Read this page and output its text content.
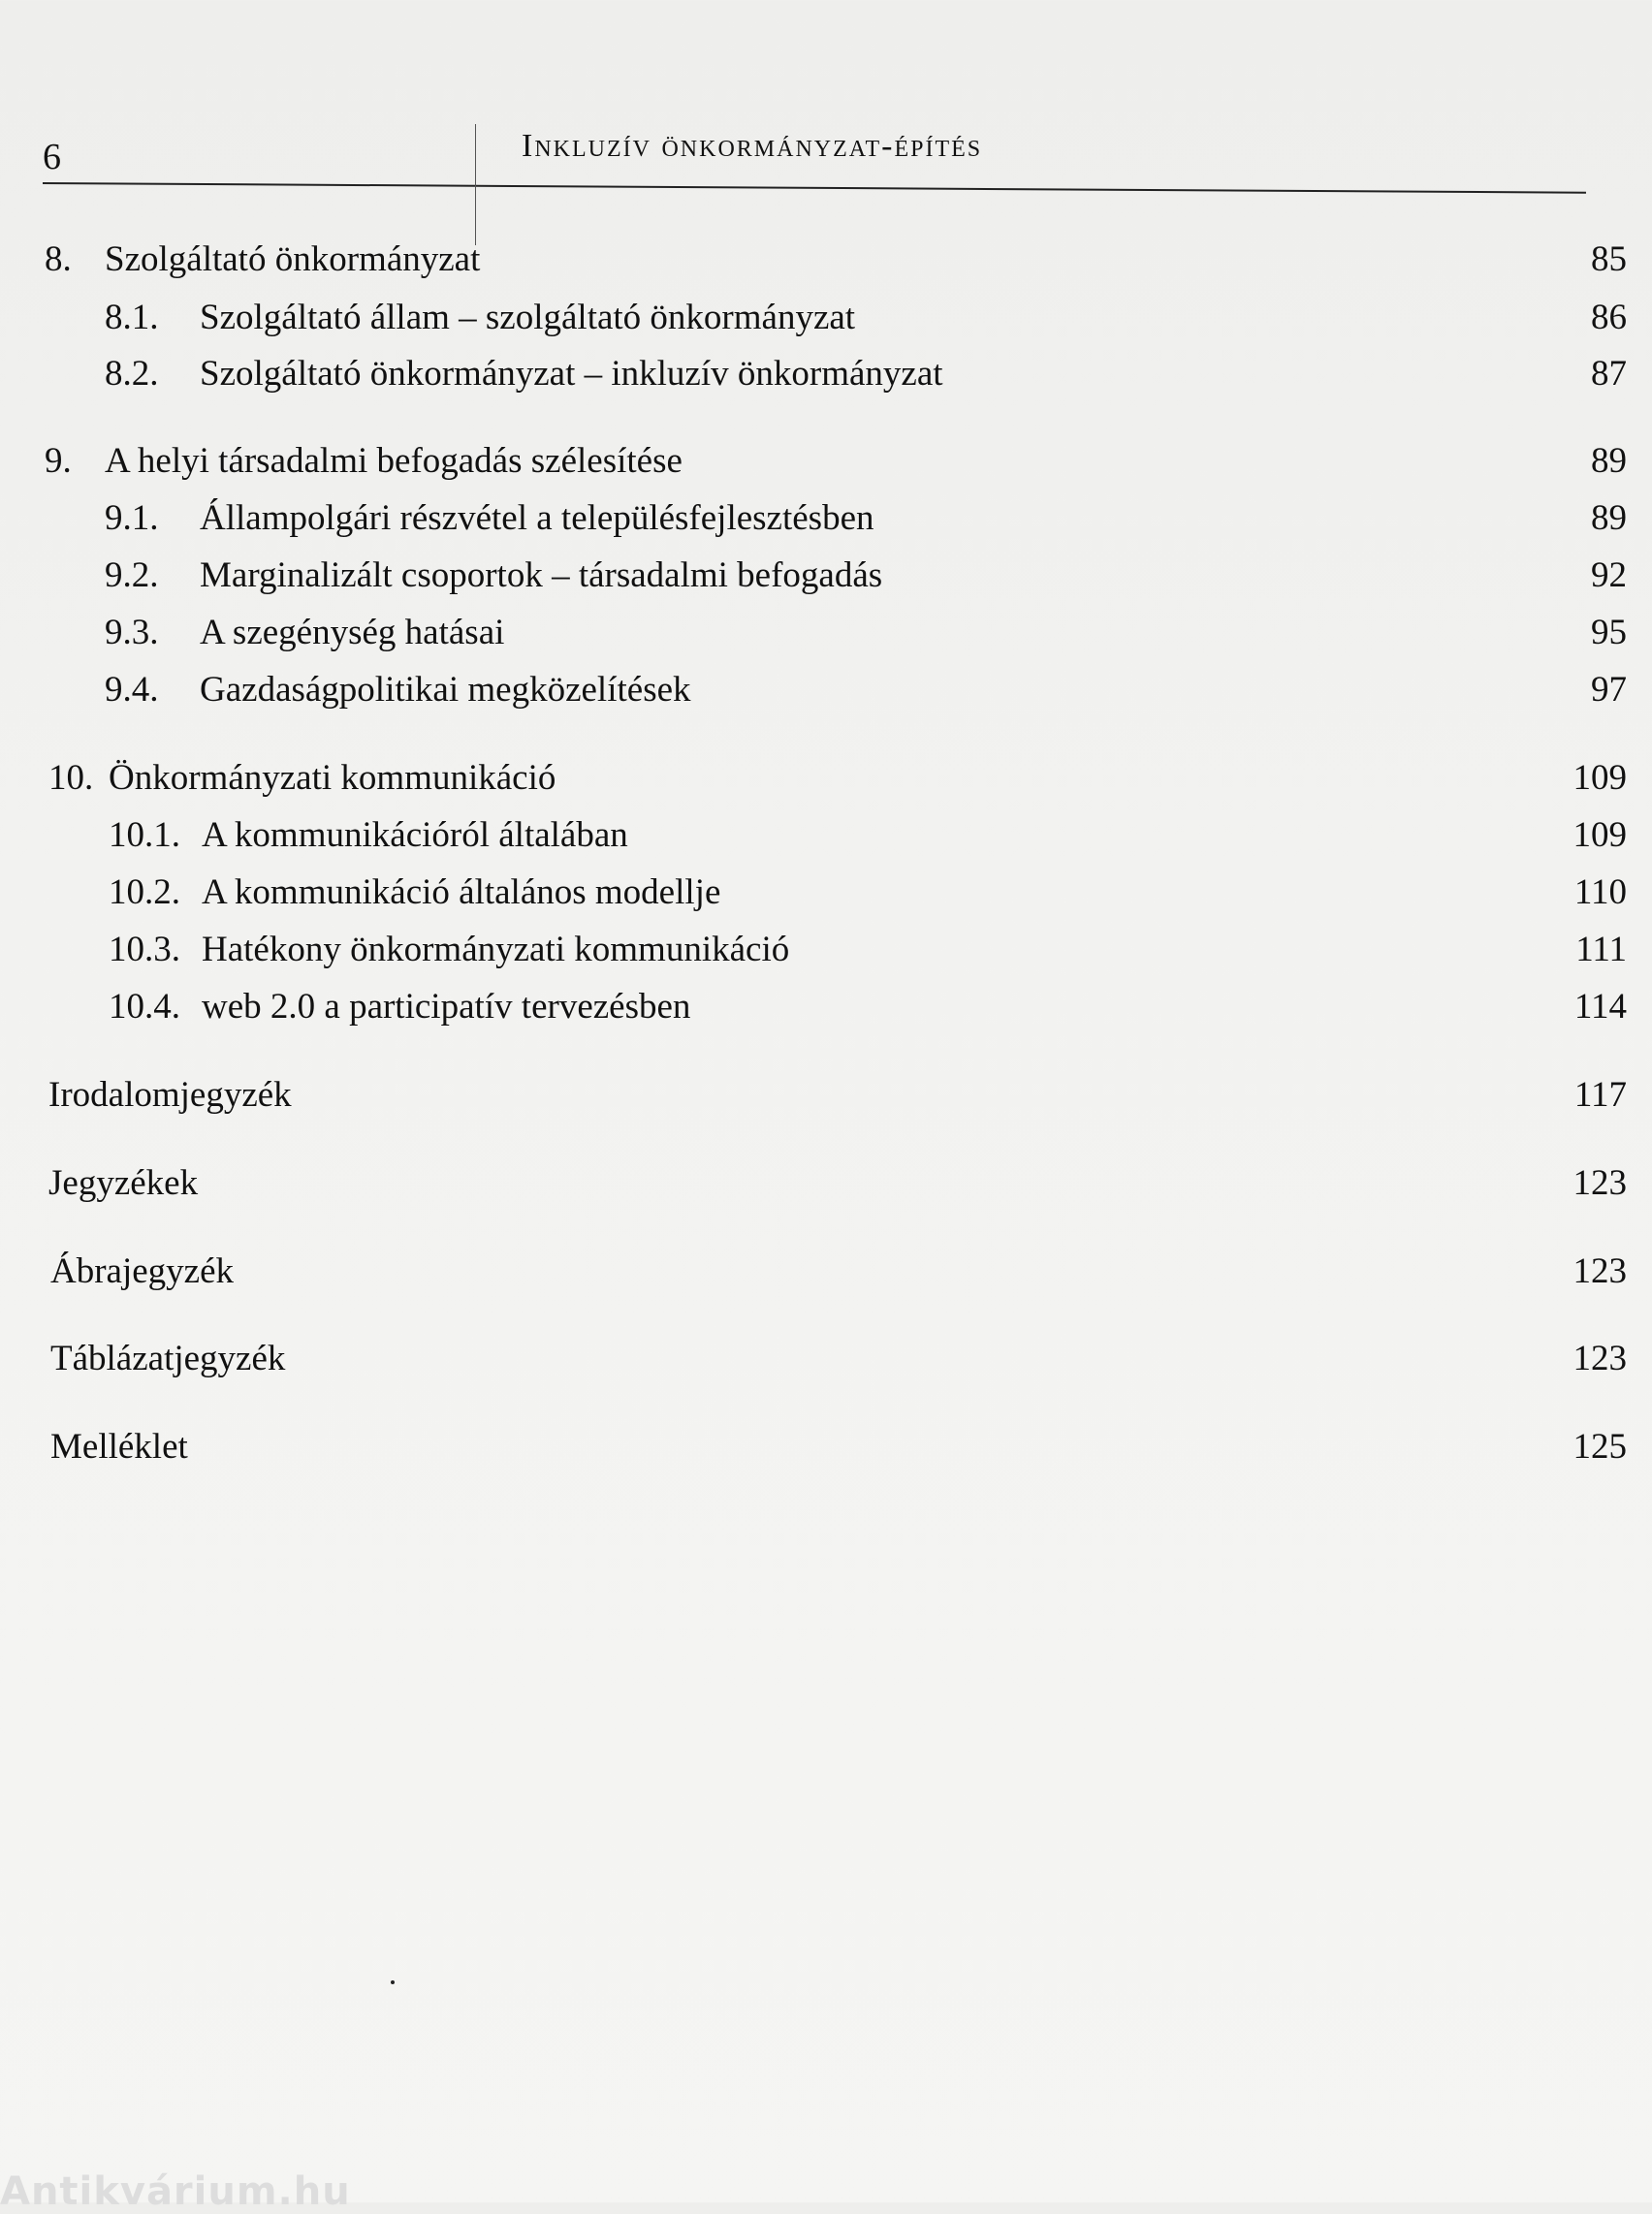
6	Inkluzív önkormányzat-építés
8. Szolgáltató önkormányzat	85
8.1. Szolgáltató állam – szolgáltató önkormányzat	86
8.2. Szolgáltató önkormányzat – inkluzív önkormányzat	87
9. A helyi társadalmi befogadás szélesítése	89
9.1. Állampolgári részvétel a településfejlesztésben	89
9.2. Marginalizált csoportok – társadalmi befogadás	92
9.3. A szegénység hatásai	95
9.4. Gazdaságpolitikai megközelítések	97
10. Önkormányzati kommunikáció	109
10.1. A kommunikációról általában	109
10.2. A kommunikáció általános modellje	110
10.3. Hatékony önkormányzati kommunikáció	111
10.4. web 2.0 a participatív tervezésben	114
Irodalomjegyzék	117
Jegyzékek	123
Ábrajegyzék	123
Táblázatjegyzék	123
Melléklet	125
Antikvárium.hu
